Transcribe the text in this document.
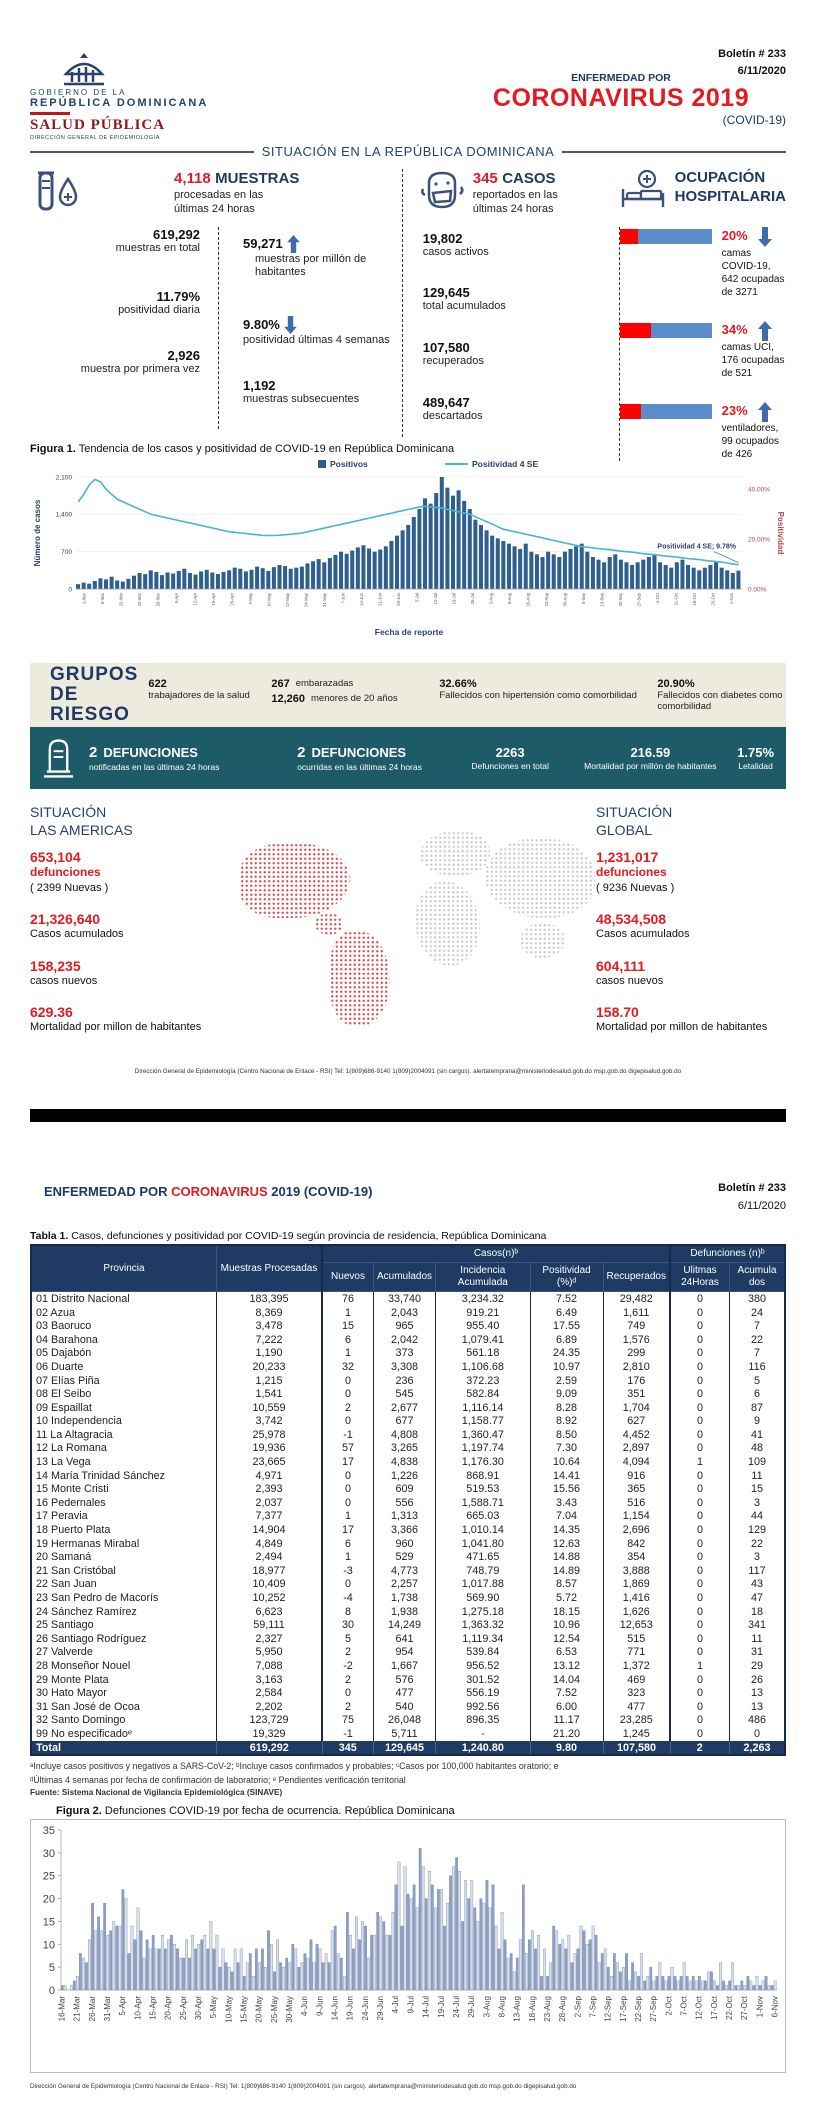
GOBIERNO DE LA
REPÚBLICA DOMINICANA
SALUD PÚBLICA
DIRECCIÓN GENERAL DE EPIDEMIOLOGÍA
Boletín # 233
6/11/2020
ENFERMEDAD POR
CORONAVIRUS 2019
(COVID-19)
SITUACIÓN EN LA REPÚBLICA DOMINICANA
4,118 MUESTRAS
procesadas en las últimas 24 horas
619,292
muestras en total
11.79%
positividad diaria
2,926
muestra por primera vez
59,271
muestras por millón de habitantes
9.80%
positividad últimas 4 semanas
1,192
muestras subsecuentes
345 CASOS
reportados en las últimas 24 horas
19,802
casos activos
129,645
total acumulados
107,580
recuperados
489,647
descartados
OCUPACIÓN
HOSPITALARIA
20%
camas COVID-19, 642 ocupadas de 3271
34%
camas UCI, 176 ocupadas de 521
23%
ventiladores, 99 ocupados de 426
Figura 1. Tendencia de los casos y positividad de COVID-19 en República Dominicana
0
700
1,400
2,100
0.00%
20.00%
40.00%
Positivos	Positividad 4 SE
1-Mar	8-Mar	15-Mar	22-Mar	29-Mar	5-Apr	12-Apr	19-Apr	26-Apr	3-May	10-May	17-May	24-May	31-May	7-Jun	14-Jun	21-Jun	28-Jun	5-Jul	12-Jul	19-Jul	26-Jul	2-Aug	9-Aug	16-Aug	23-Aug	30-Aug	6-Sep	13-Sep	20-Sep	27-Sep	4-Oct	11-Oct	18-Oct	25-Oct	1-Nov
Fecha de reporte
Número de casos	Positividad
Positividad 4 SE; 9.78%
GRUPOS
DE RIESGO
622
trabajadores de la salud
267 embarazadas
12,260 menores de 20 años
32.66%
Fallecidos con hipertensión como comorbilidad
20.90%
Fallecidos con diabetes como comorbilidad
2 DEFUNCIONES
notificadas en las últimas 24 horas
2 DEFUNCIONES
ocurridas en las últimas 24 horas
2263
Defunciones en total
216.59
Mortalidad por millón de habitantes
1.75%
Letalidad
SITUACIÓN
LAS AMERICAS
653,104
defunciones
( 2399 Nuevas )
21,326,640
Casos acumulados
158,235
casos nuevos
629.36
Mortalidad por millon de habitantes
SITUACIÓN
GLOBAL
1,231,017
defunciones
( 9236 Nuevas )
48,534,508
Casos acumulados
604,111
casos nuevos
158.70
Mortalidad por millon de habitantes
Dirección General de Epidemiología (Centro Nacional de Enlace - RSI) Tel: 1(809)686-9140 1(809)2004091 (sin cargos). alertatemprana@ministeriodesalud.gob.do msp.gob.do digepisalud.gob.do
ENFERMEDAD POR CORONAVIRUS 2019 (COVID-19)	Boletín # 233
6/11/2020
Tabla 1. Casos, defunciones y positividad por COVID-19 según provincia de residencia, República Dominicana
Provincia	Muestras Procesadas	Casos(n)ᵇ					Defunciones (n)ᵇ	
		Nuevos	Acumulados	Incidencia Acumulada	Positividad (%)ᵈ	Recuperados	Ulitmas 24Horas	Acumula dos
01 Distrito Nacional	183,395	76	33,740	3,234.32	7.52	29,482	0	380
02 Azua	8,369	1	2,043	919.21	6.49	1,611	0	24
03 Baoruco	3,478	15	965	955.40	17.55	749	0	7
04 Barahona	7,222	6	2,042	1,079.41	6.89	1,576	0	22
05 Dajabón	1,190	1	373	561.18	24.35	299	0	7
06 Duarte	20,233	32	3,308	1,106.68	10.97	2,810	0	116
07 Elías Piña	1,215	0	236	372.23	2.59	176	0	5
08 El Seibo	1,541	0	545	582.84	9.09	351	0	6
09 Espaillat	10,559	2	2,677	1,116.14	8.28	1,704	0	87
10 Independencia	3,742	0	677	1,158.77	8.92	627	0	9
11 La Altagracia	25,978	-1	4,808	1,360.47	8.50	4,452	0	41
12 La Romana	19,936	57	3,265	1,197.74	7.30	2,897	0	48
13 La Vega	23,665	17	4,838	1,176.30	10.64	4,094	1	109
14 María Trinidad Sánchez	4,971	0	1,226	868.91	14.41	916	0	11
15 Monte Cristi	2,393	0	609	519.53	15.56	365	0	15
16 Pedernales	2,037	0	556	1,588.71	3.43	516	0	3
17 Peravia	7,377	1	1,313	665.03	7.04	1,154	0	44
18 Puerto Plata	14,904	17	3,366	1,010.14	14.35	2,696	0	129
19 Hermanas Mirabal	4,849	6	960	1,041.80	12.63	842	0	22
20 Samaná	2,494	1	529	471.65	14.88	354	0	3
21 San Cristóbal	18,977	-3	4,773	748.79	14.89	3,888	0	117
22 San Juan	10,409	0	2,257	1,017.88	8.57	1,869	0	43
23 San Pedro de Macorís	10,252	-4	1,738	569.90	5.72	1,416	0	47
24 Sánchez Ramírez	6,623	8	1,938	1,275.18	18.15	1,626	0	18
25 Santiago	59,111	30	14,249	1,363.32	10.96	12,653	0	341
26 Santiago Rodríguez	2,327	5	641	1,119.34	12.54	515	0	11
27 Valverde	5,950	2	954	539.84	6.53	771	0	31
28 Monseñor Nouel	7,088	-2	1,667	956.52	13.12	1,372	1	29
29 Monte Plata	3,163	2	576	301.52	14.04	469	0	26
30 Hato Mayor	2,584	0	477	556.19	7.52	323	0	13
31 San José de Ocoa	2,202	2	540	992.56	6.00	477	0	13
32 Santo Domingo	123,729	75	26,048	896.35	11.17	23,285	0	486
99 No especificadoᵉ	19,329	-1	5,711	-	21.20	1,245	0	0
Total	619,292	345	129,645	1,240.80	9.80	107,580	2	2,263
ᵃIncluye casos positivos y negativos a SARS-CoV-2; ᵇIncluye casos confirmados y probables; ᶜCasos por 100,000 habitantes oratorio; e
ᵈÚltimas 4 semanas por fecha de confirmación de laboratorio; ᵉ Pendientes verificación territorial
Fuente: Sistema Nacional de Vigilancia Epidemiológica (SINAVE)
Figura 2. Defunciones COVID-19 por fecha de ocurrencia. República Dominicana
0
5
10
15
20
25
30
35
16-Mar 21-Mar 26-Mar 31-Mar 5-Apr 10-Apr 15-Apr 20-Apr 25-Apr 30-Apr 5-May 10-May 15-May 20-May 25-May 30-May 4-Jun 9-Jun 14-Jun 19-Jun 24-Jun 29-Jun 4-Jul 9-Jul 14-Jul 19-Jul 24-Jul 29-Jul 3-Aug 8-Aug 13-Aug 18-Aug 23-Aug 28-Aug 2-Sep 7-Sep 12-Sep 17-Sep 22-Sep 27-Sep 2-Oct 7-Oct 12-Oct 17-Oct 22-Oct 27-Oct 1-Nov 6-Nov
Dirección General de Epidemiología (Centro Nacional de Enlace - RSI) Tel: 1(809)686-9140 1(809)2004091 (sin cargos). alertatemprana@ministeriodesalud.gob.do msp.gob.do digepisalud.gob.do
